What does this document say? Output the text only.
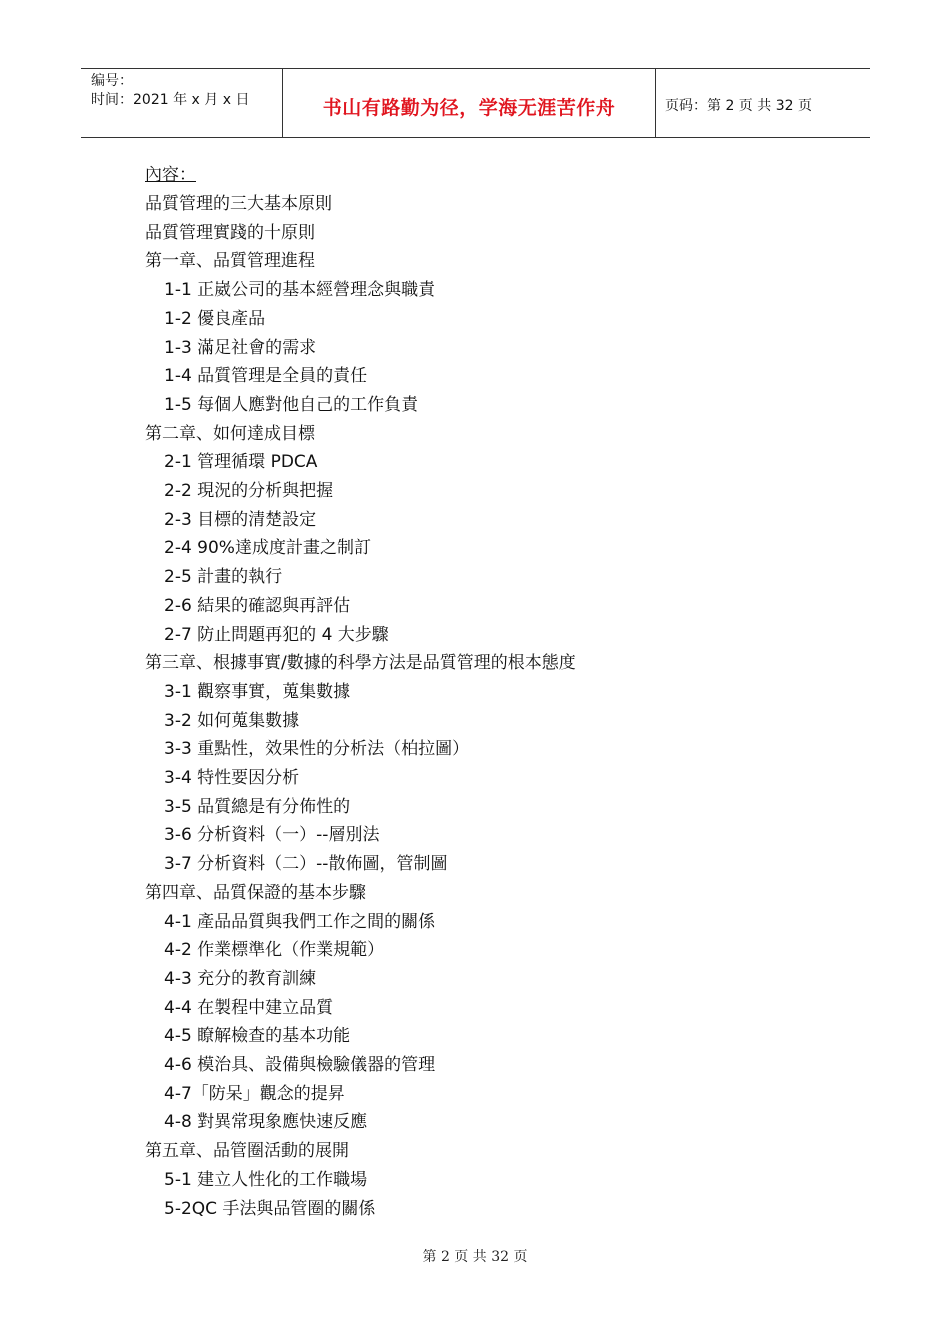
编号：
时间：2021 年 x 月 x 日	书山有路勤为径，学海无涯苦作舟	页码：第 2 页 共 32 页
內容：
品質管理的三大基本原則
品質管理實踐的十原則
第一章、品質管理進程
1-1 正崴公司的基本經營理念與職責
1-2 優良產品
1-3 滿足社會的需求
1-4 品質管理是全員的責任
1-5 每個人應對他自己的工作負責
第二章、如何達成目標
2-1 管理循環 PDCA
2-2 現況的分析與把握
2-3 目標的清楚設定
2-4 90%達成度計畫之制訂
2-5 計畫的執行
2-6 結果的確認與再評估
2-7 防止問題再犯的 4 大步驟
第三章、根據事實/數據的科學方法是品質管理的根本態度
3-1 觀察事實，蒐集數據
3-2 如何蒐集數據
3-3 重點性，效果性的分析法（柏拉圖）
3-4 特性要因分析
3-5 品質總是有分佈性的
3-6 分析資料（一）--層別法
3-7 分析資料（二）--散佈圖，管制圖
第四章、品質保證的基本步驟
4-1 產品品質與我們工作之間的關係
4-2 作業標準化（作業規範）
4-3 充分的教育訓練
4-4 在製程中建立品質
4-5 瞭解檢查的基本功能
4-6 模治具、設備與檢驗儀器的管理
4-7「防呆」觀念的提昇
4-8 對異常現象應快速反應
第五章、品管圈活動的展開
5-1 建立人性化的工作職場
5-2QC 手法與品管圈的關係
第 2 页 共 32 页
